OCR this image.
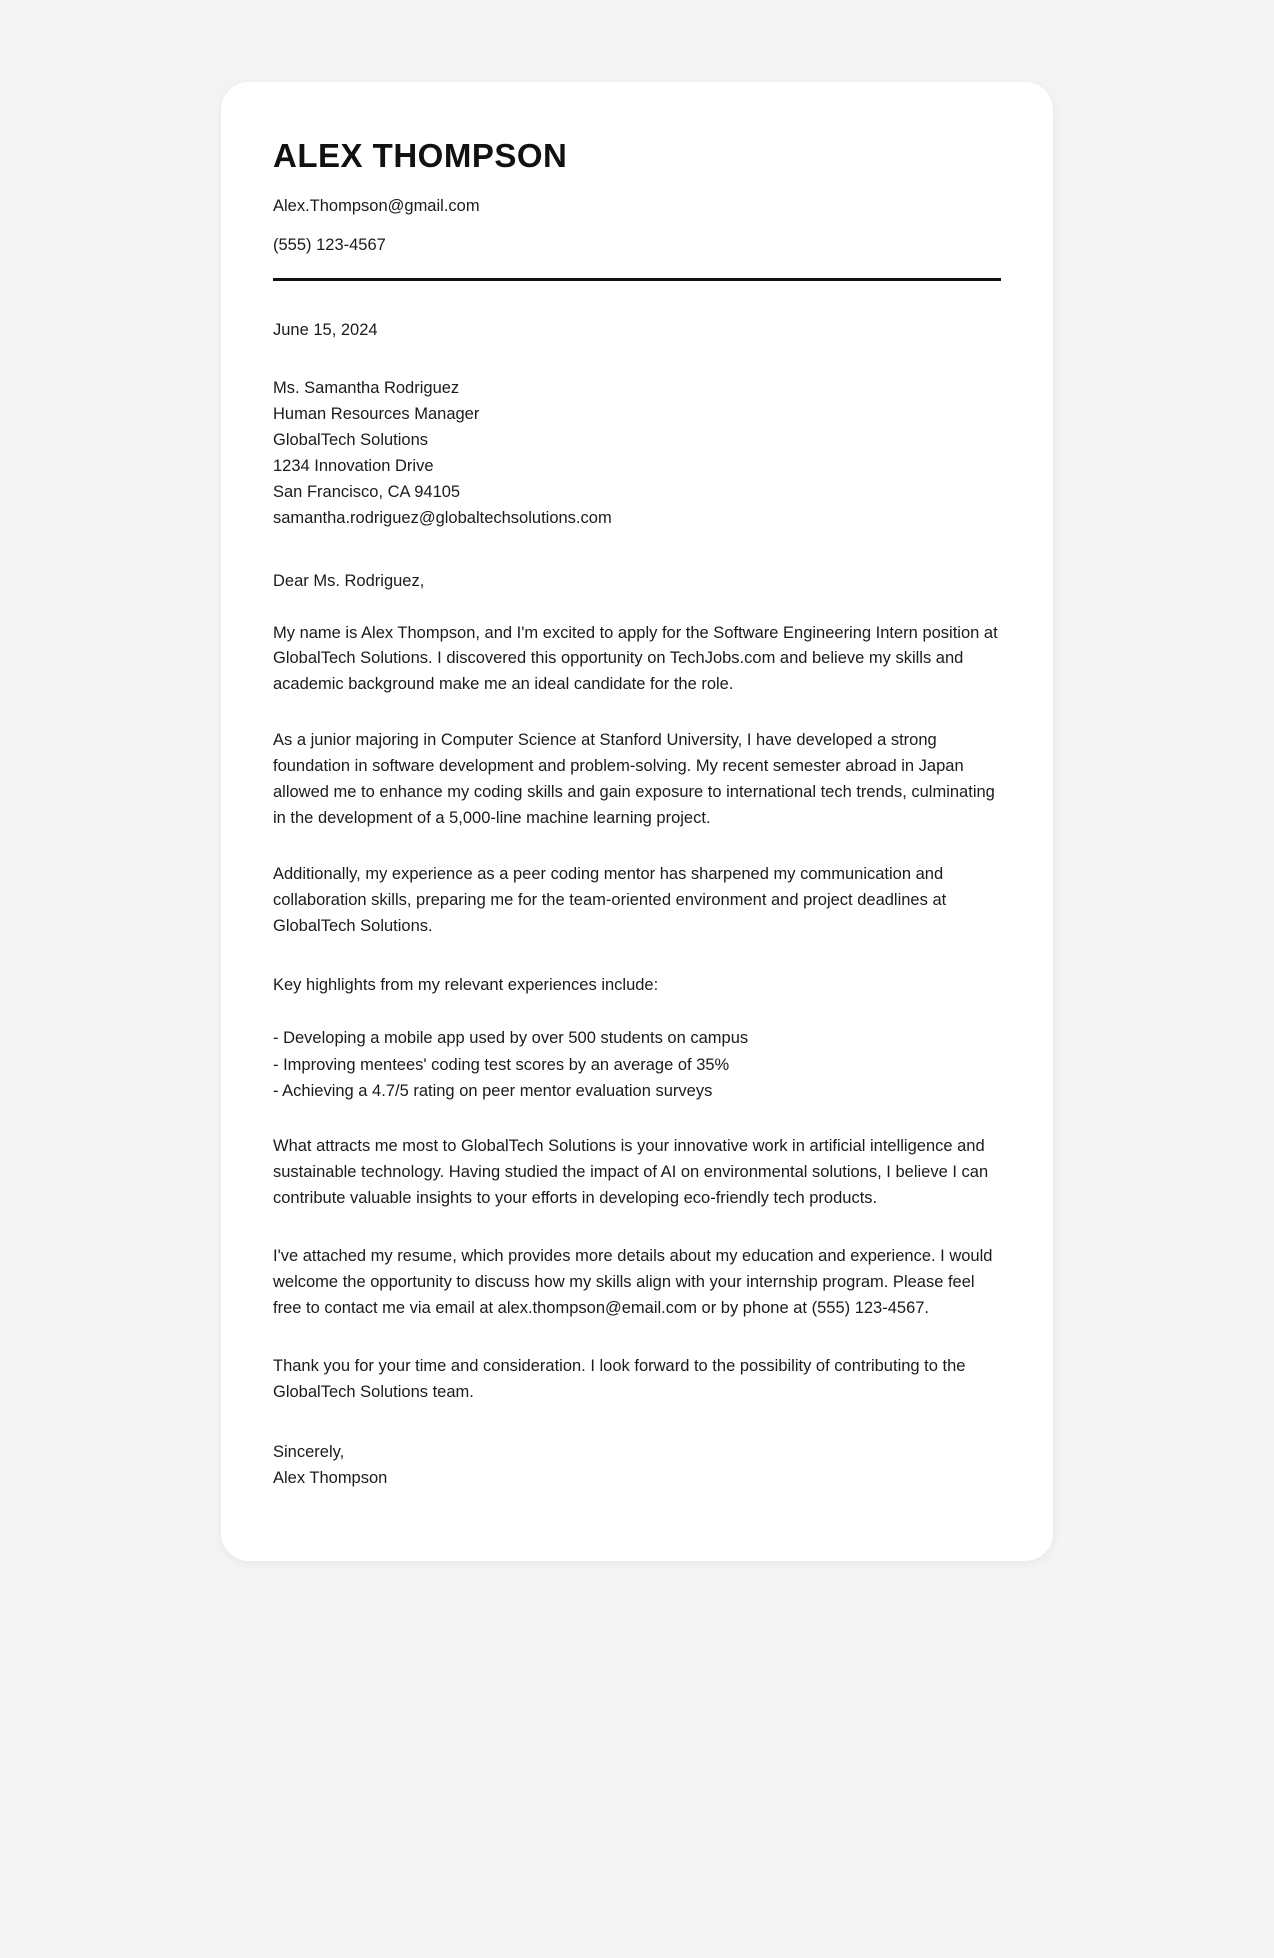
ALEX THOMPSON
Alex.Thompson@gmail.com
(555) 123-4567
June 15, 2024
Ms. Samantha Rodriguez
Human Resources Manager
GlobalTech Solutions
1234 Innovation Drive
San Francisco, CA 94105
samantha.rodriguez@globaltechsolutions.com
Dear Ms. Rodriguez,

My name is Alex Thompson, and I'm excited to apply for the Software Engineering Intern position at GlobalTech Solutions. I discovered this opportunity on TechJobs.com and believe my skills and academic background make me an ideal candidate for the role.

As a junior majoring in Computer Science at Stanford University, I have developed a strong foundation in software development and problem-solving. My recent semester abroad in Japan allowed me to enhance my coding skills and gain exposure to international tech trends, culminating in the development of a 5,000-line machine learning project.

Additionally, my experience as a peer coding mentor has sharpened my communication and collaboration skills, preparing me for the team-oriented environment and project deadlines at GlobalTech Solutions.

Key highlights from my relevant experiences include:

- Developing a mobile app used by over 500 students on campus
- Improving mentees' coding test scores by an average of 35%
- Achieving a 4.7/5 rating on peer mentor evaluation surveys

What attracts me most to GlobalTech Solutions is your innovative work in artificial intelligence and sustainable technology. Having studied the impact of AI on environmental solutions, I believe I can contribute valuable insights to your efforts in developing eco-friendly tech products.

I've attached my resume, which provides more details about my education and experience. I would welcome the opportunity to discuss how my skills align with your internship program. Please feel free to contact me via email at alex.thompson@email.com or by phone at (555) 123-4567.

Thank you for your time and consideration. I look forward to the possibility of contributing to the GlobalTech Solutions team.

Sincerely,
Alex Thompson
